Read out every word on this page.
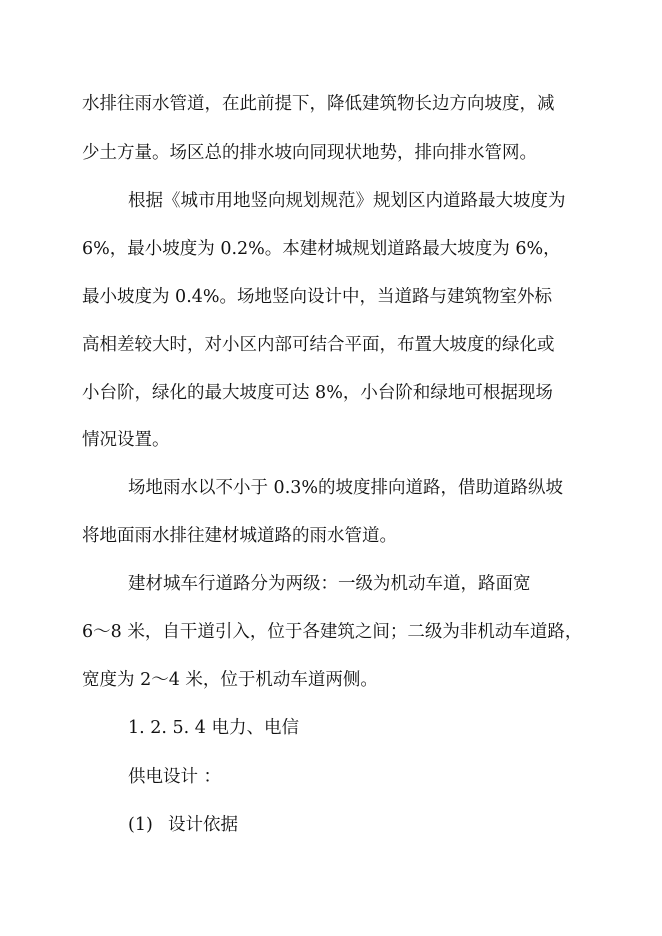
水排往雨水管道，在此前提下，降低建筑物长边方向坡度，减
少土方量。场区总的排水坡向同现状地势，排向排水管网。
根据《城市用地竖向规划规范》规划区内道路最大坡度为
6%，最小坡度为 0.2%。本建材城规划道路最大坡度为 6%，
最小坡度为 0.4%。场地竖向设计中，当道路与建筑物室外标
高相差较大时，对小区内部可结合平面，布置大坡度的绿化或
小台阶，绿化的最大坡度可达 8%，小台阶和绿地可根据现场
情况设置。
场地雨水以不小于 0.3%的坡度排向道路，借助道路纵坡
将地面雨水排往建材城道路的雨水管道。
建材城车行道路分为两级：一级为机动车道，路面宽
6～8 米，自干道引入，位于各建筑之间；二级为非机动车道路，
宽度为 2～4 米，位于机动车道两侧。
1. 2. 5. 4 电力、电信
供电设计 ：
(1) 设计依据
